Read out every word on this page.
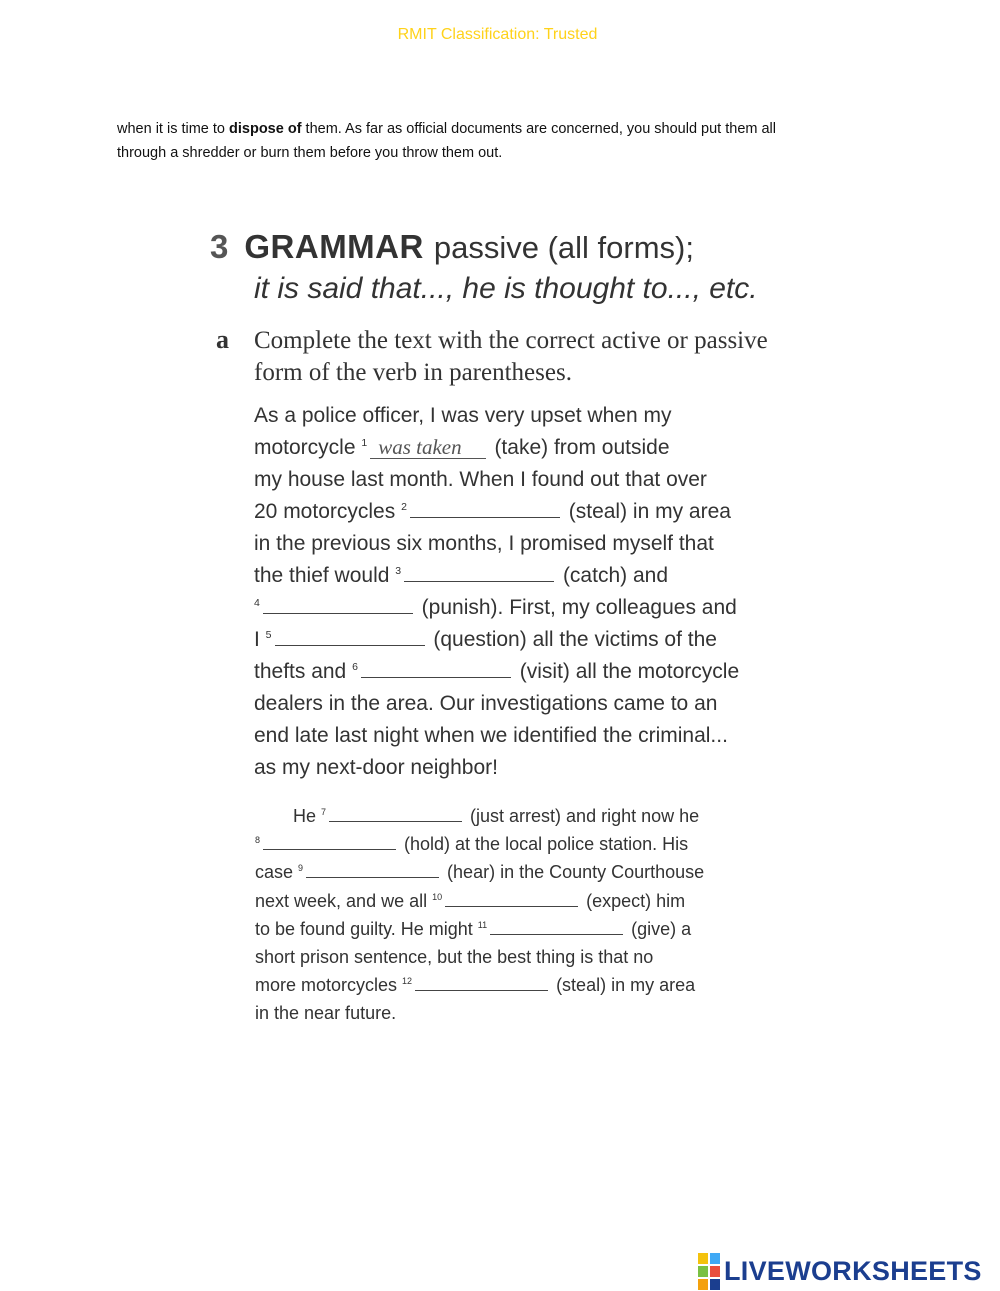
RMIT Classification: Trusted
when it is time to dispose of them. As far as official documents are concerned, you should put them all
through a shredder or burn them before you throw them out.
3 GRAMMAR passive (all forms);
it is said that..., he is thought to..., etc.
a Complete the text with the correct active or passive form of the verb in parentheses.
As a police officer, I was very upset when my
motorcycle $^1$ was taken (take) from outside
my house last month. When I found out that over
20 motorcycles $^2$	(steal) in my area
in the previous six months, I promised myself that
the thief would $^3$	(catch) and
$^4$	(punish). First, my colleagues and
I $^5$	(question) all the victims of the
thefts and $^6$	(visit) all the motorcycle
dealers in the area. Our investigations came to an
end late last night when we identified the criminal...
as my next-door neighbor!
He $^7$	(just arrest) and right now he
$^8$	(hold) at the local police station. His
case $^9$	(hear) in the County Courthouse
next week, and we all $^{10}$	(expect) him
to be found guilty. He might $^{11}$	(give) a
short prison sentence, but the best thing is that no
more motorcycles $^{12}$	(steal) in my area
in the near future.
LIVEWORKSHEETS
